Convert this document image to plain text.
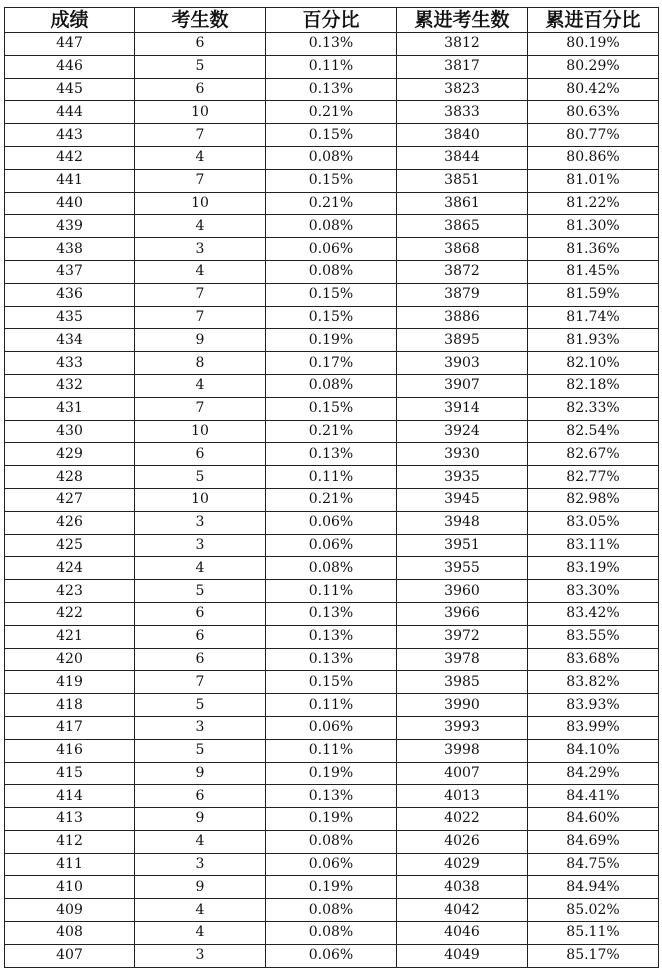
成绩	考生数	百分比	累进考生数	累进百分比
447	6	0.13%	3812	80.19%
446	5	0.11%	3817	80.29%
445	6	0.13%	3823	80.42%
444	10	0.21%	3833	80.63%
443	7	0.15%	3840	80.77%
442	4	0.08%	3844	80.86%
441	7	0.15%	3851	81.01%
440	10	0.21%	3861	81.22%
439	4	0.08%	3865	81.30%
438	3	0.06%	3868	81.36%
437	4	0.08%	3872	81.45%
436	7	0.15%	3879	81.59%
435	7	0.15%	3886	81.74%
434	9	0.19%	3895	81.93%
433	8	0.17%	3903	82.10%
432	4	0.08%	3907	82.18%
431	7	0.15%	3914	82.33%
430	10	0.21%	3924	82.54%
429	6	0.13%	3930	82.67%
428	5	0.11%	3935	82.77%
427	10	0.21%	3945	82.98%
426	3	0.06%	3948	83.05%
425	3	0.06%	3951	83.11%
424	4	0.08%	3955	83.19%
423	5	0.11%	3960	83.30%
422	6	0.13%	3966	83.42%
421	6	0.13%	3972	83.55%
420	6	0.13%	3978	83.68%
419	7	0.15%	3985	83.82%
418	5	0.11%	3990	83.93%
417	3	0.06%	3993	83.99%
416	5	0.11%	3998	84.10%
415	9	0.19%	4007	84.29%
414	6	0.13%	4013	84.41%
413	9	0.19%	4022	84.60%
412	4	0.08%	4026	84.69%
411	3	0.06%	4029	84.75%
410	9	0.19%	4038	84.94%
409	4	0.08%	4042	85.02%
408	4	0.08%	4046	85.11%
407	3	0.06%	4049	85.17%
